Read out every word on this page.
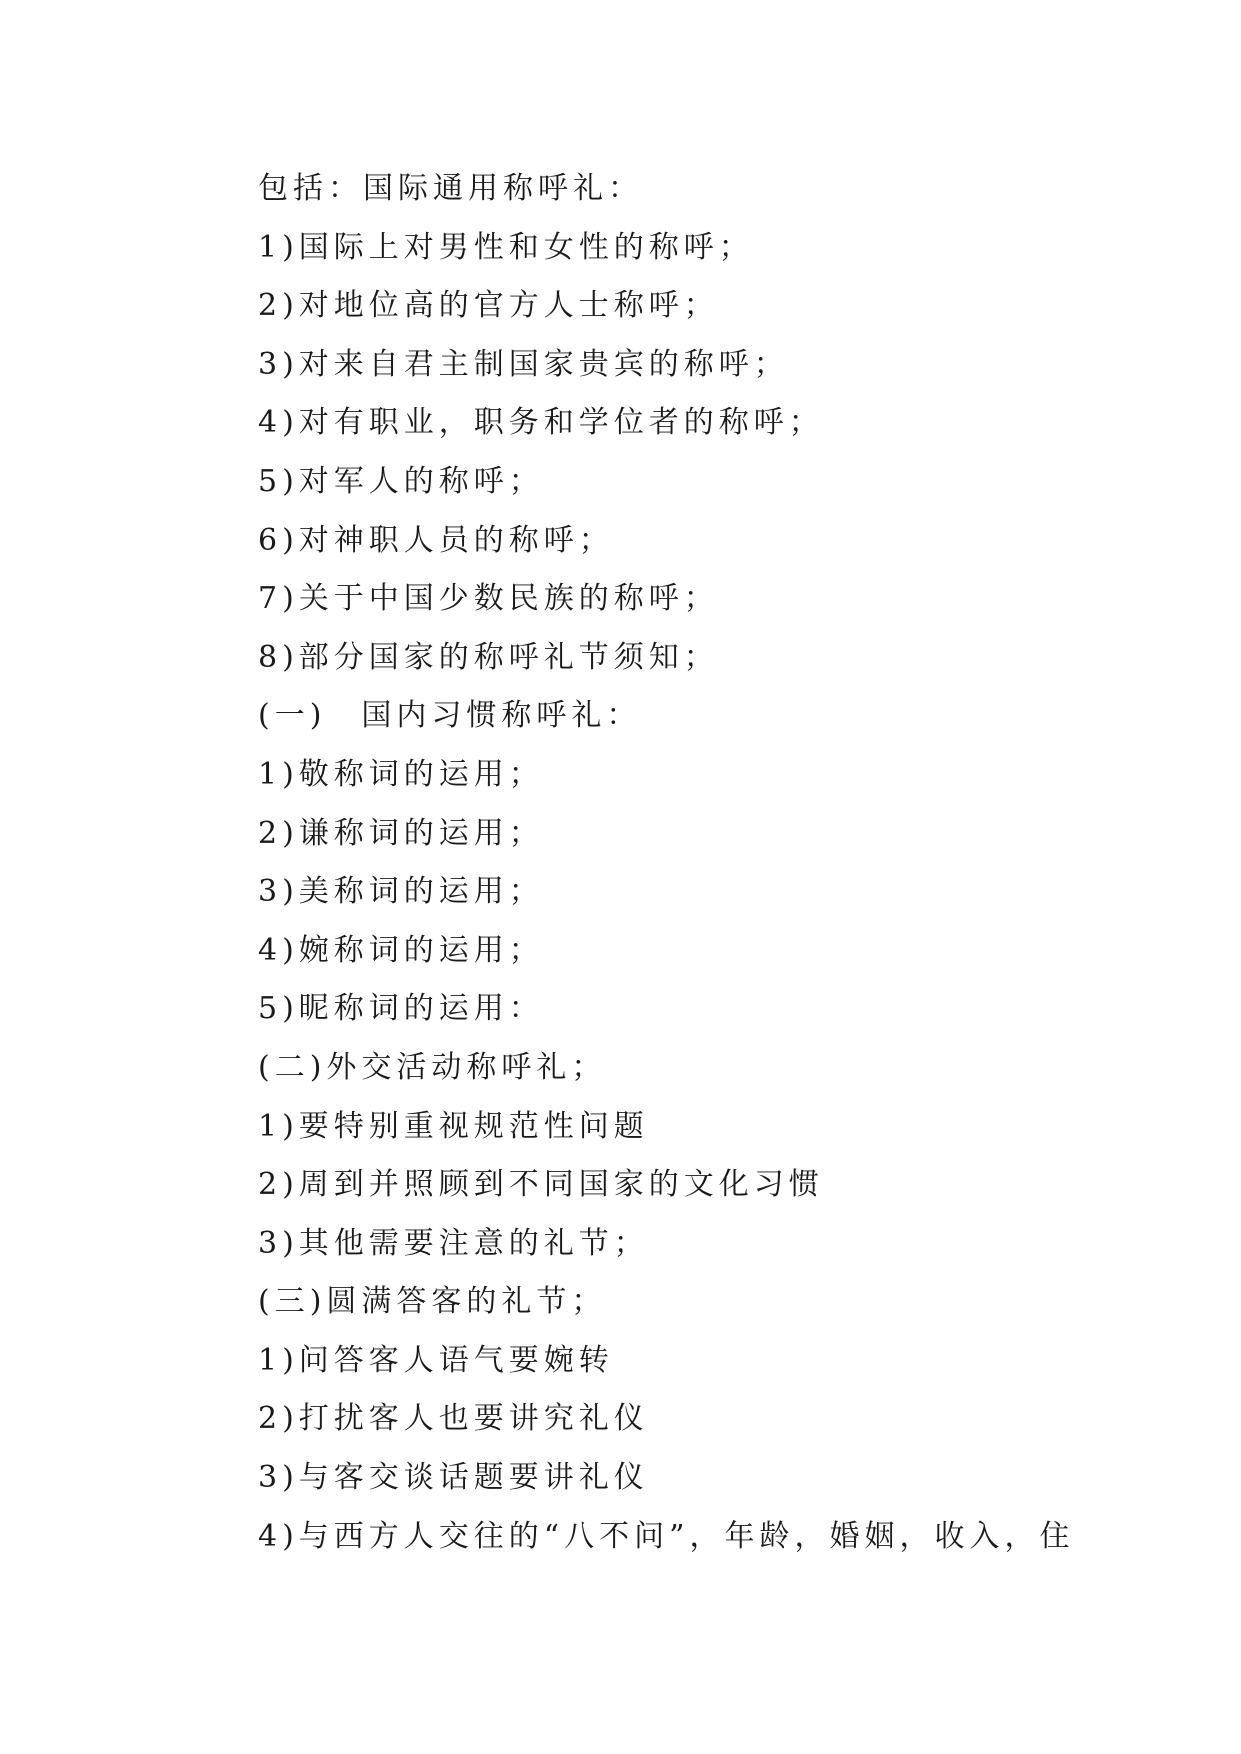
包括：国际通用称呼礼：
1)国际上对男性和女性的称呼；
2)对地位高的官方人士称呼；
3)对来自君主制国家贵宾的称呼；
4)对有职业，职务和学位者的称呼；
5)对军人的称呼；
6)对神职人员的称呼；
7)关于中国少数民族的称呼；
8)部分国家的称呼礼节须知；
(一)　国内习惯称呼礼：
1)敬称词的运用；
2)谦称词的运用；
3)美称词的运用；
4)婉称词的运用；
5)昵称词的运用：
(二)外交活动称呼礼；
1)要特别重视规范性问题
2)周到并照顾到不同国家的文化习惯
3)其他需要注意的礼节；
(三)圆满答客的礼节；
1)问答客人语气要婉转
2)打扰客人也要讲究礼仪
3)与客交谈话题要讲礼仪
4)与西方人交往的“八不问”，年龄，婚姻，收入，住
